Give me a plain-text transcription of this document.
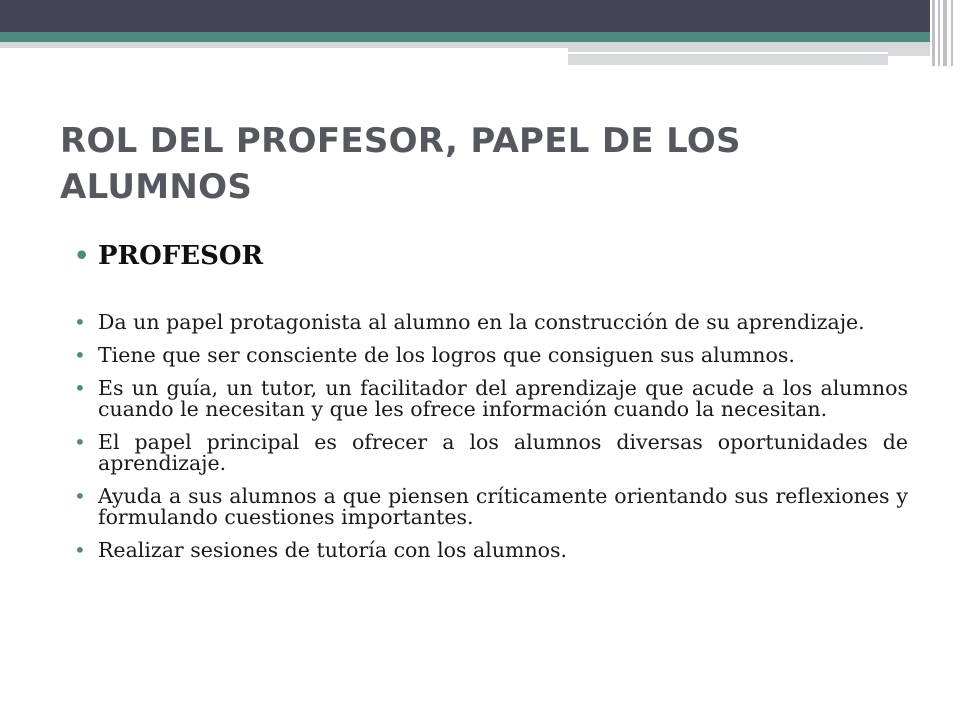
ROL DEL PROFESOR, PAPEL DE LOS ALUMNOS
• PROFESOR
• Da un papel protagonista al alumno en la construcción de su aprendizaje.
• Tiene que ser consciente de los logros que consiguen sus alumnos.
• Es un guía, un tutor, un facilitador del aprendizaje que acude a los alumnos cuando le necesitan y que les ofrece información cuando la necesitan.
• El papel principal es ofrecer a los alumnos diversas oportunidades de aprendizaje.
• Ayuda a sus alumnos a que piensen críticamente orientando sus reflexiones y formulando cuestiones importantes.
• Realizar sesiones de tutoría con los alumnos.
